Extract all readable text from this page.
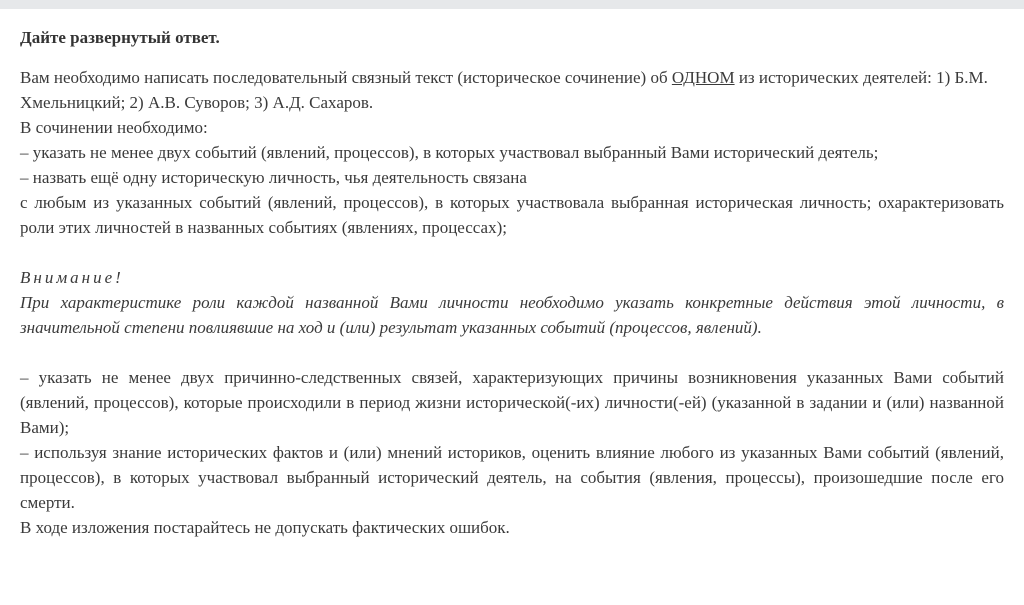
Дайте развернутый ответ.

Вам необходимо написать последовательный связный текст (историческое сочинение) об ОДНОМ из исторических деятелей: 1) Б.М. Хмельницкий; 2) А.В. Суворов; 3) А.Д. Сахаров.

В сочинении необходимо:

– указать не менее двух событий (явлений, процессов), в которых участвовал выбранный Вами исторический деятель;

– назвать ещё одну историческую личность, чья деятельность связана

с любым из указанных событий (явлений, процессов), в которых участвовала выбранная историческая личность; охарактеризовать роли этих личностей в названных событиях (явлениях, процессах);

Внимание!

При характеристике роли каждой названной Вами личности необходимо указать конкретные действия этой личности, в значительной степени повлиявшие на ход и (или) результат указанных событий (процессов, явлений).

– указать не менее двух причинно-следственных связей, характеризующих причины возникновения указанных Вами событий (явлений, процессов), которые происходили в период жизни исторической(-их) личности(-ей) (указанной в задании и (или) названной Вами);

– используя знание исторических фактов и (или) мнений историков, оценить влияние любого из указанных Вами событий (явлений, процессов), в которых участвовал выбранный исторический деятель, на события (явления, процессы), произошедшие после его смерти.

В ходе изложения постарайтесь не допускать фактических ошибок.
